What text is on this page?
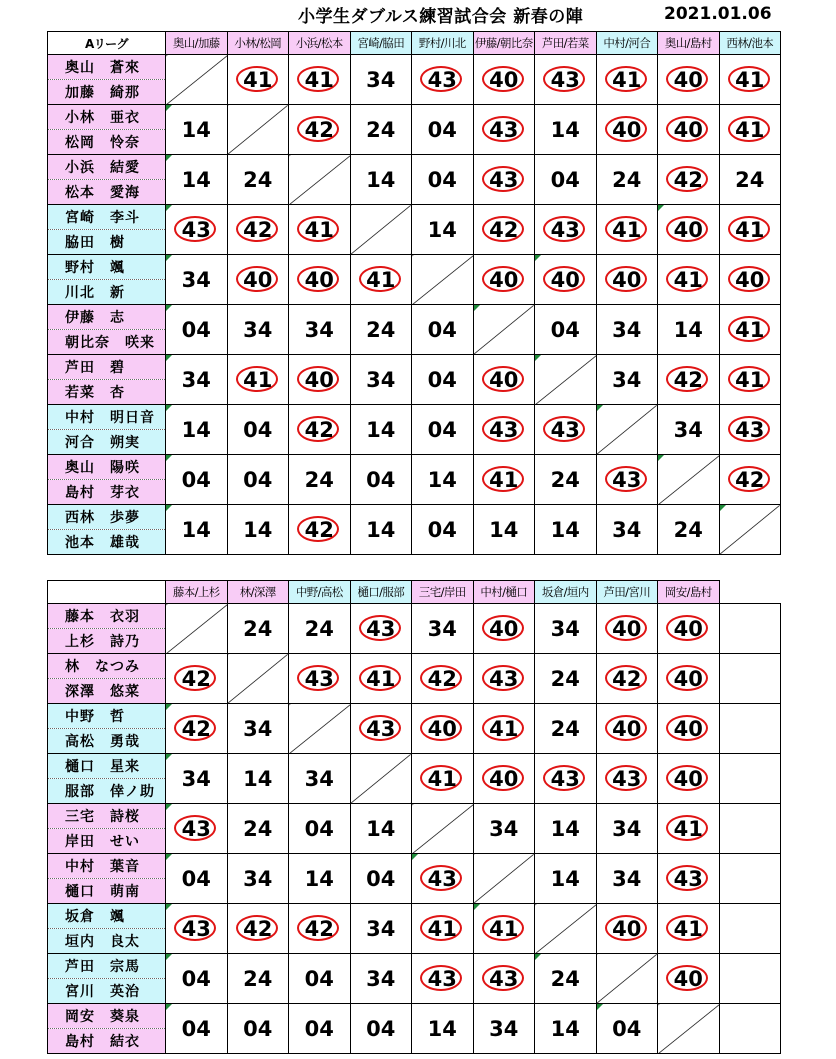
小学生ダブルス練習試合会 新春の陣	2021.01.06
Aリーグ	奥山/加藤	小林/松岡	小浜/松本	宮崎/脇田	野村/川北	伊藤/朝比奈	芦田/若菜	中村/河合	奥山/島村	西林/池本
奥山　蒼來		41	41	34	43	40	43	41	40	41
加藤　綺那										
小林　亜衣	14		42	24	04	43	14	40	40	41
松岡　怜奈										
小浜　結愛	14	24		14	04	43	04	24	42	24
松本　愛海										
宮崎　李斗	43	42	41		14	42	43	41	40	41
脇田　樹										
野村　颯	34	40	40	41		40	40	40	41	40
川北　新										
伊藤　志	04	34	34	24	04		04	34	14	41
朝比奈　咲来										
芦田　碧	34	41	40	34	04	40		34	42	41
若菜　杏										
中村　明日音	14	04	42	14	04	43	43		34	43
河合　朔実										
奥山　陽咲	04	04	24	04	14	41	24	43		42
島村　芽衣										
西林　歩夢	14	14	42	14	04	14	14	34	24	

池本　雄哉										
	藤本/上杉	林/深澤	中野/高松	樋口/服部	三宅/岸田	中村/樋口	坂倉/垣内	芦田/宮川	岡安/島村	
藤本　衣羽		24	24	43	34	40	34	40	40	
上杉　詩乃										
林　なつみ	42		43	41	42	43	24	42	40	
深澤　悠菜										
中野　哲	42	34		43	40	41	24	40	40	
高松　勇哉										
樋口　星来	34	14	34		41	40	43	43	40	
服部　倖ノ助										
三宅　詩桜	43	24	04	14		34	14	34	41	
岸田　せい										
中村　葉音	04	34	14	04	43		14	34	43	
樋口　萌南										
坂倉　颯	43	42	42	34	41	41		40	41	
垣内　良太										
芦田　宗馬	04	24	04	34	43	43	24		40	
宮川　英治										
岡安　葵泉	04	04	04	04	14	34	14	04		
島村　結衣										
